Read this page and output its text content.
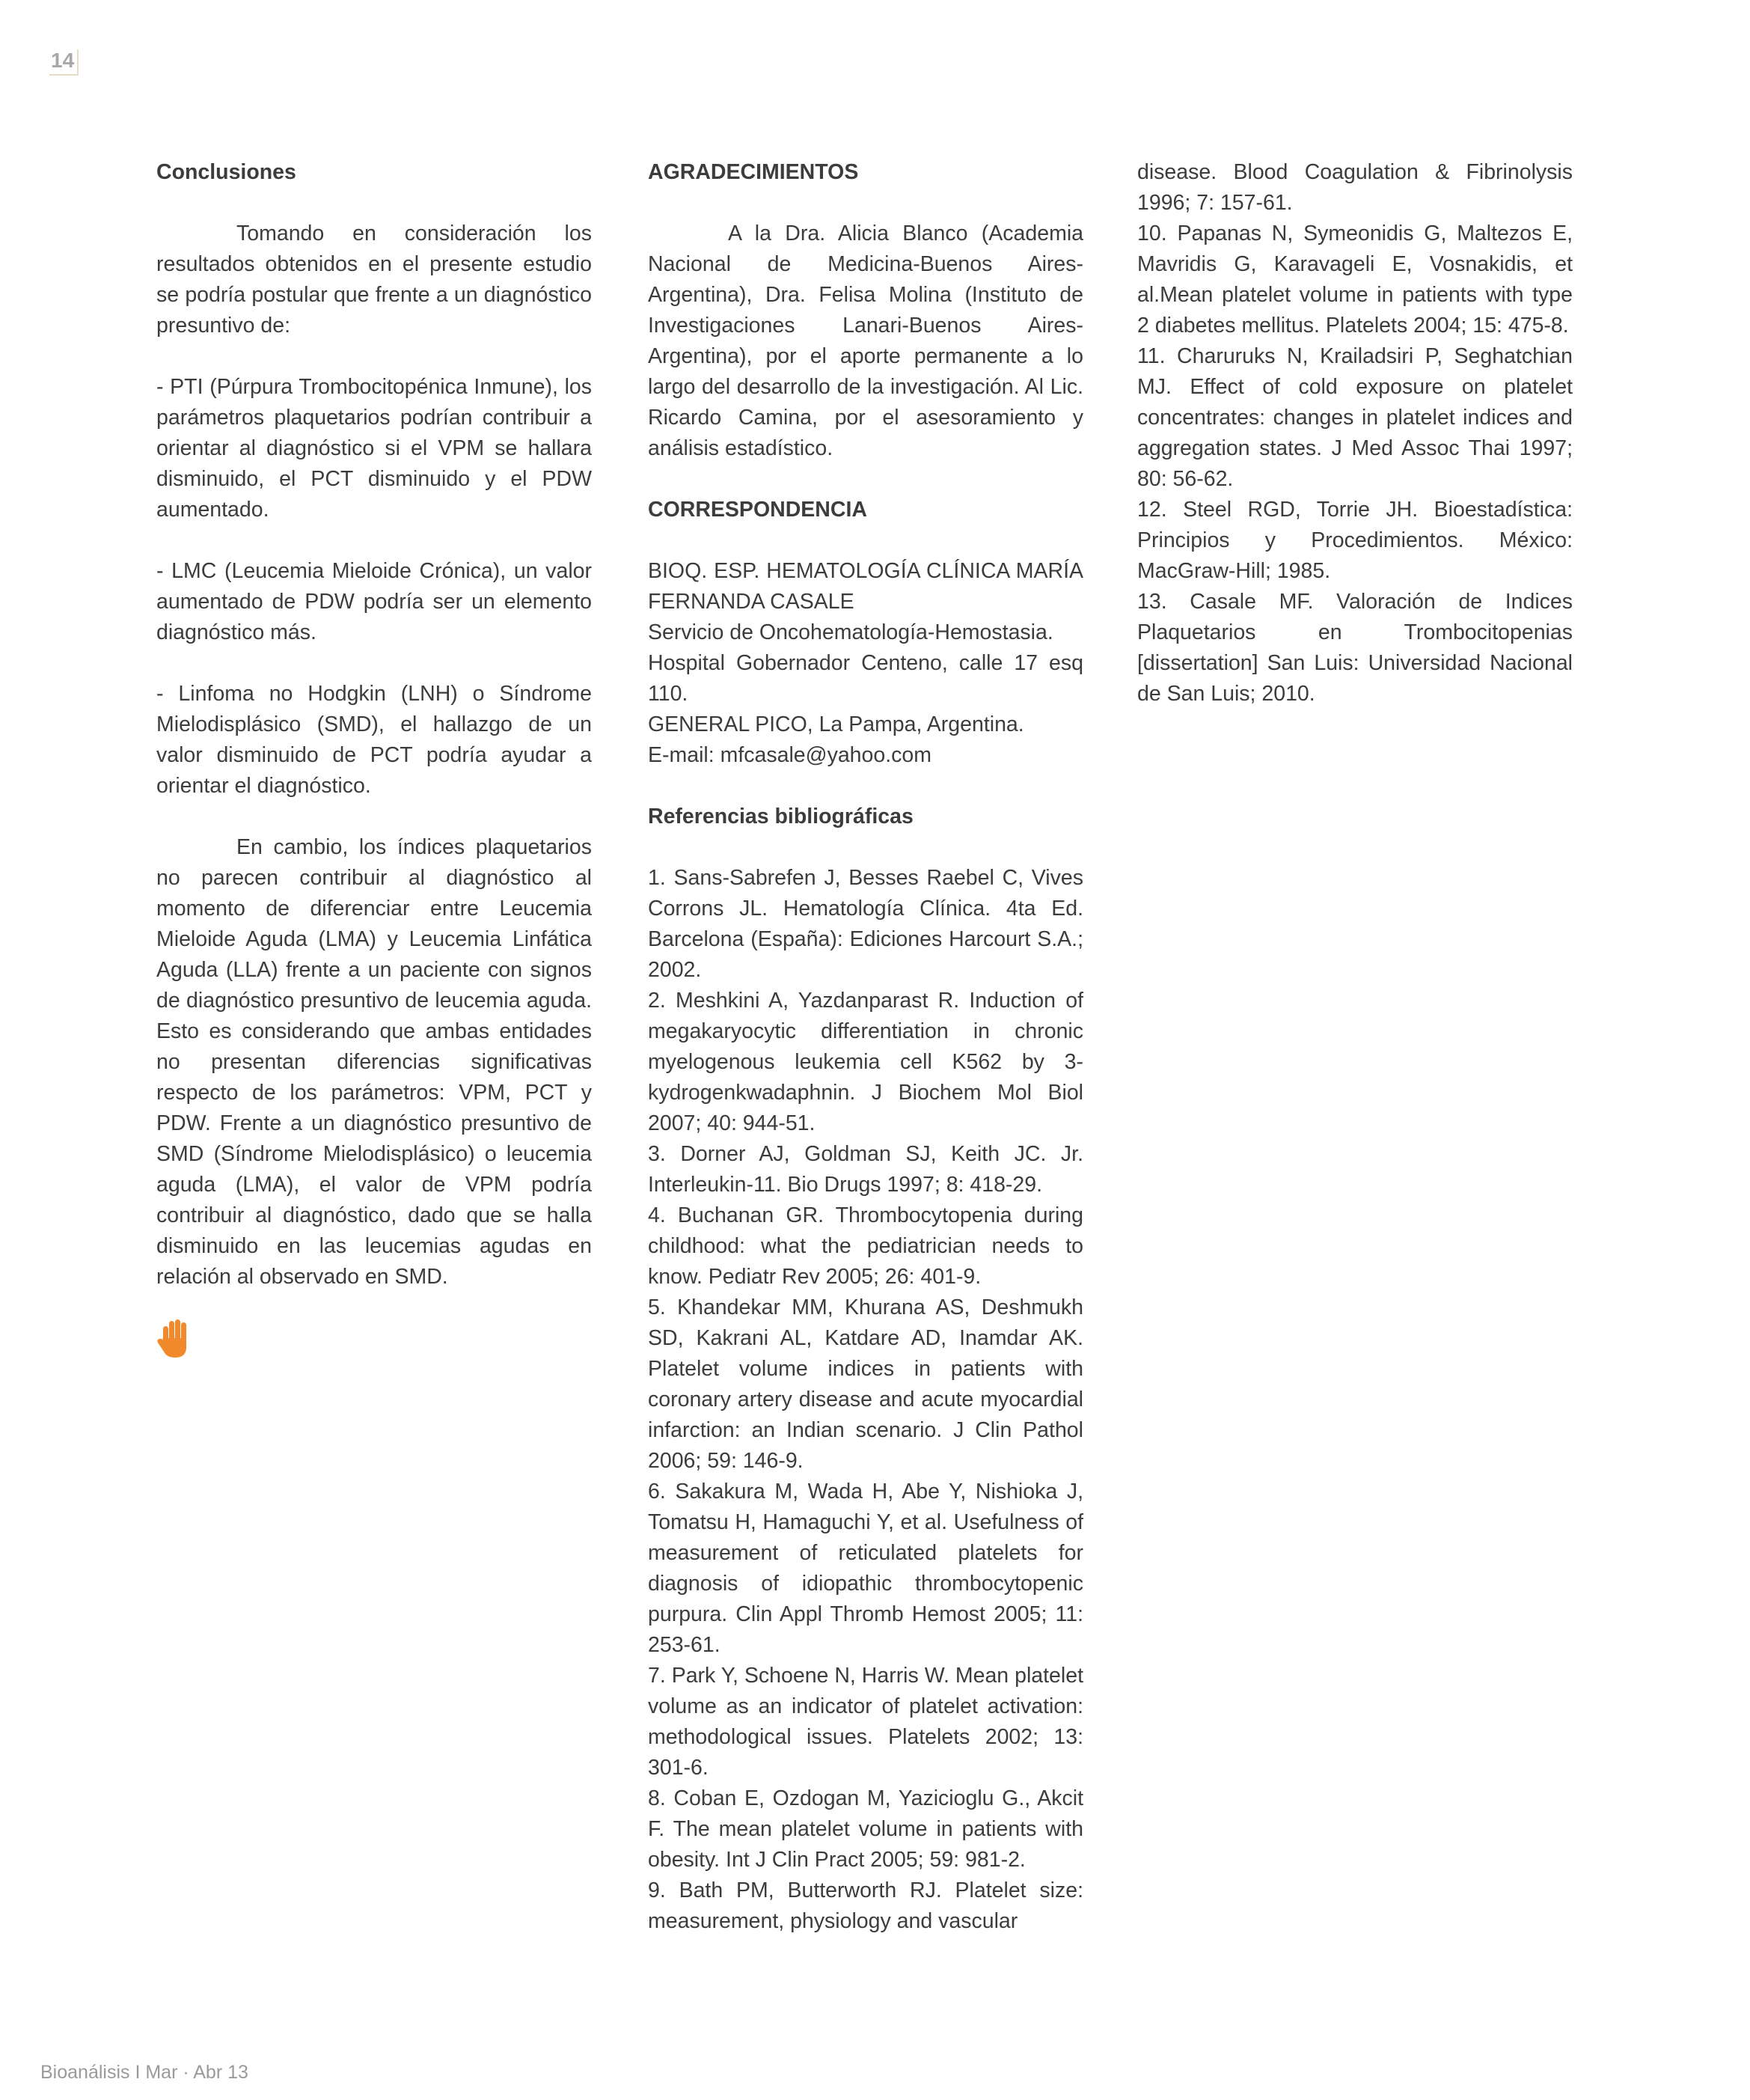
14

Conclusiones

Tomando en consideración los resultados obtenidos en el presente estudio se podría postular que frente a un diagnóstico presuntivo de:

- PTI (Púrpura Trombocitopénica Inmune), los parámetros plaquetarios podrían contribuir a orientar al diagnóstico si el VPM se hallara disminuido, el PCT disminuido y el PDW aumentado.

- LMC (Leucemia Mieloide Crónica), un valor aumentado de PDW podría ser un elemento diagnóstico más.

- Linfoma no Hodgkin (LNH) o Síndrome Mielodisplásico (SMD), el hallazgo de un valor disminuido de PCT podría ayudar a orientar el diagnóstico.

En cambio, los índices plaquetarios no parecen contribuir al diagnóstico al momento de diferenciar entre Leucemia Mieloide Aguda (LMA) y Leucemia Linfática Aguda (LLA) frente a un paciente con signos de diagnóstico presuntivo de leucemia aguda. Esto es considerando que ambas entidades no presentan diferencias significativas respecto de los parámetros: VPM, PCT y PDW. Frente a un diagnóstico presuntivo de SMD (Síndrome Mielodisplásico) o leucemia aguda (LMA), el valor de VPM podría contribuir al diagnóstico, dado que se halla disminuido en las leucemias agudas en relación al observado en SMD.

AGRADECIMIENTOS

A la Dra. Alicia Blanco (Academia Nacional de Medicina-Buenos Aires-Argentina), Dra. Felisa Molina (Instituto de Investigaciones Lanari-Buenos Aires-Argentina), por el aporte permanente a lo largo del desarrollo de la investigación. Al Lic. Ricardo Camina, por el asesoramiento y análisis estadístico.

CORRESPONDENCIA

BIOQ. ESP. HEMATOLOGÍA CLÍNICA MARÍA FERNANDA CASALE

Servicio de Oncohematología-Hemostasia.

Hospital Gobernador Centeno, calle 17 esq 110.

GENERAL PICO, La Pampa, Argentina.

E-mail: mfcasale@yahoo.com

Referencias bibliográficas

1. Sans-Sabrefen J, Besses Raebel C, Vives Corrons JL. Hematología Clínica. 4ta Ed. Barcelona (España): Ediciones Harcourt S.A.; 2002.

2. Meshkini A, Yazdanparast R. Induction of megakaryocytic differentiation in chronic myelogenous leukemia cell K562 by 3-kydrogenkwadaphnin. J Biochem Mol Biol 2007; 40: 944-51.

3. Dorner AJ, Goldman SJ, Keith JC. Jr. Interleukin-11. Bio Drugs 1997; 8: 418-29.

4. Buchanan GR. Thrombocytopenia during childhood: what the pediatrician needs to know. Pediatr Rev 2005; 26: 401-9.

5. Khandekar MM, Khurana AS, Deshmukh SD, Kakrani AL, Katdare AD, Inamdar AK. Platelet volume indices in patients with coronary artery disease and acute myocardial infarction: an Indian scenario. J Clin Pathol 2006; 59: 146-9.

6. Sakakura M, Wada H, Abe Y, Nishioka J, Tomatsu H, Hamaguchi Y, et al. Usefulness of measurement of reticulated platelets for diagnosis of idiopathic thrombocytopenic purpura. Clin Appl Thromb Hemost 2005; 11: 253-61.

7. Park Y, Schoene N, Harris W. Mean platelet volume as an indicator of platelet activation: methodological issues. Platelets 2002; 13: 301-6.

8. Coban E, Ozdogan M, Yazicioglu G., Akcit F. The mean platelet volume in patients with obesity. Int J Clin Pract 2005; 59: 981-2.

9. Bath PM, Butterworth RJ. Platelet size: measurement, physiology and vascular

disease. Blood Coagulation & Fibrinolysis 1996; 7: 157-61.

10. Papanas N, Symeonidis G, Maltezos E, Mavridis G, Karavageli E, Vosnakidis, et al.Mean platelet volume in patients with type 2 diabetes mellitus. Platelets 2004; 15: 475-8.

11. Charuruks N, Krailadsiri P, Seghatchian MJ. Effect of cold exposure on platelet concentrates: changes in platelet indices and aggregation states. J Med Assoc Thai 1997; 80: 56-62.

12. Steel RGD, Torrie JH. Bioestadística: Principios y Procedimientos. México: MacGraw-Hill; 1985.

13. Casale MF. Valoración de Indices Plaquetarios en Trombocitopenias [dissertation] San Luis: Universidad Nacional de San Luis; 2010.

Bioanálisis I Mar · Abr 13
